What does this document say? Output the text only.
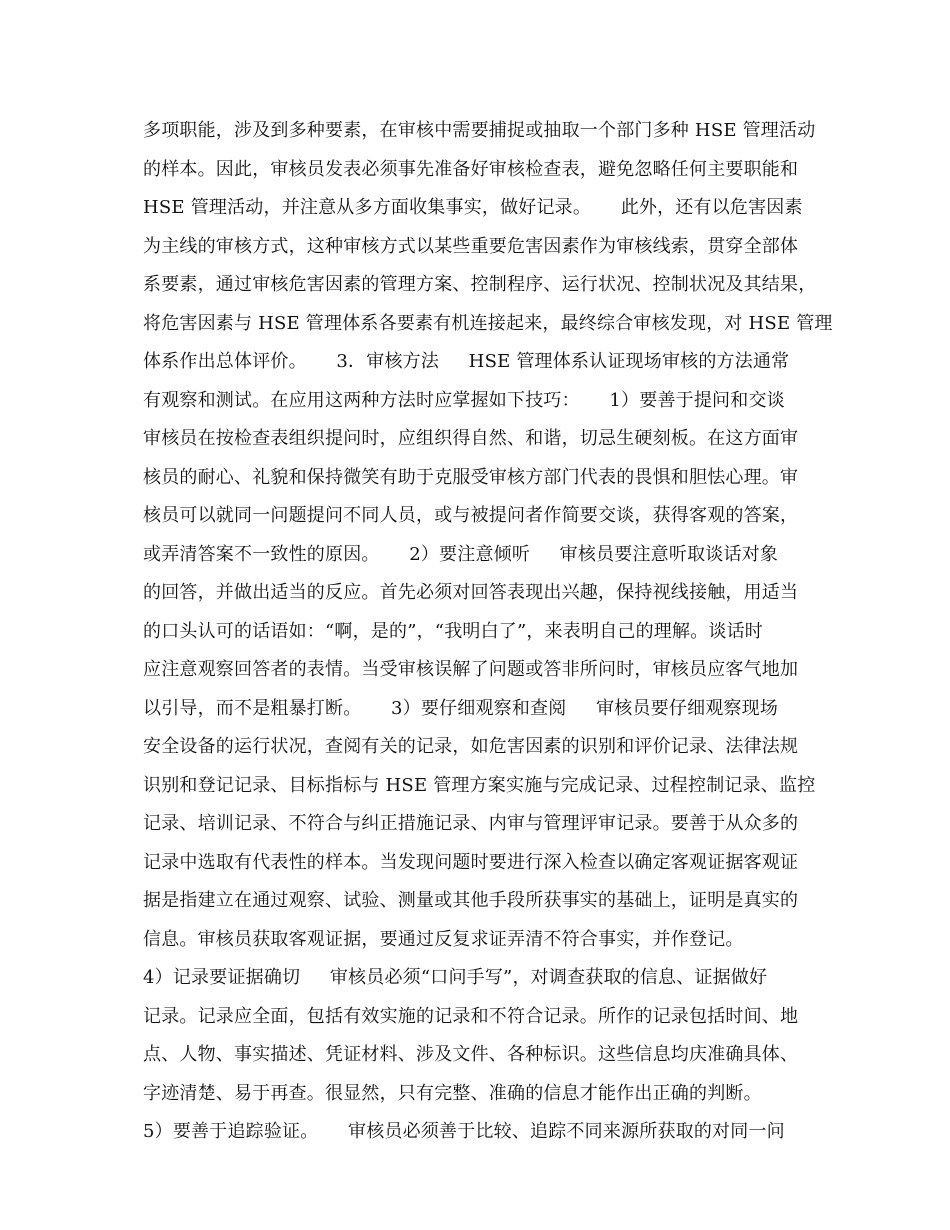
多项职能，涉及到多种要素，在审核中需要捕捉或抽取一个部门多种 HSE 管理活动
的样本。因此，审核员发表必须事先准备好审核检查表，避免忽略任何主要职能和
HSE 管理活动，并注意从多方面收集事实，做好记录。     此外，还有以危害因素
为主线的审核方式，这种审核方式以某些重要危害因素作为审核线索，贯穿全部体
系要素，通过审核危害因素的管理方案、控制程序、运行状况、控制状况及其结果，
将危害因素与 HSE 管理体系各要素有机连接起来，最终综合审核发现，对 HSE 管理
体系作出总体评价。     3．审核方法     HSE 管理体系认证现场审核的方法通常
有观察和测试。在应用这两种方法时应掌握如下技巧：     1）要善于提问和交谈
审核员在按检查表组织提问时，应组织得自然、和谐，切忌生硬刻板。在这方面审
核员的耐心、礼貌和保持微笑有助于克服受审核方部门代表的畏惧和胆怯心理。审
核员可以就同一问题提问不同人员，或与被提问者作简要交谈，获得客观的答案，
或弄清答案不一致性的原因。     2）要注意倾听     审核员要注意听取谈话对象
的回答，并做出适当的反应。首先必须对回答表现出兴趣，保持视线接触，用适当
的口头认可的话语如：“啊，是的”，“我明白了”，来表明自己的理解。谈话时
应注意观察回答者的表情。当受审核误解了问题或答非所问时，审核员应客气地加
以引导，而不是粗暴打断。     3）要仔细观察和查阅     审核员要仔细观察现场
安全设备的运行状况，查阅有关的记录，如危害因素的识别和评价记录、法律法规
识别和登记记录、目标指标与 HSE 管理方案实施与完成记录、过程控制记录、监控
记录、培训记录、不符合与纠正措施记录、内审与管理评审记录。要善于从众多的
记录中选取有代表性的样本。当发现问题时要进行深入检查以确定客观证据客观证
据是指建立在通过观察、试验、测量或其他手段所获事实的基础上，证明是真实的
信息。审核员获取客观证据，要通过反复求证弄清不符合事实，并作登记。
4）记录要证据确切     审核员必须“口问手写”，对调查获取的信息、证据做好
记录。记录应全面，包括有效实施的记录和不符合记录。所作的记录包括时间、地
点、人物、事实描述、凭证材料、涉及文件、各种标识。这些信息均庆准确具体、
字迹清楚、易于再查。很显然，只有完整、准确的信息才能作出正确的判断。
5）要善于追踪验证。     审核员必须善于比较、追踪不同来源所获取的对同一问
